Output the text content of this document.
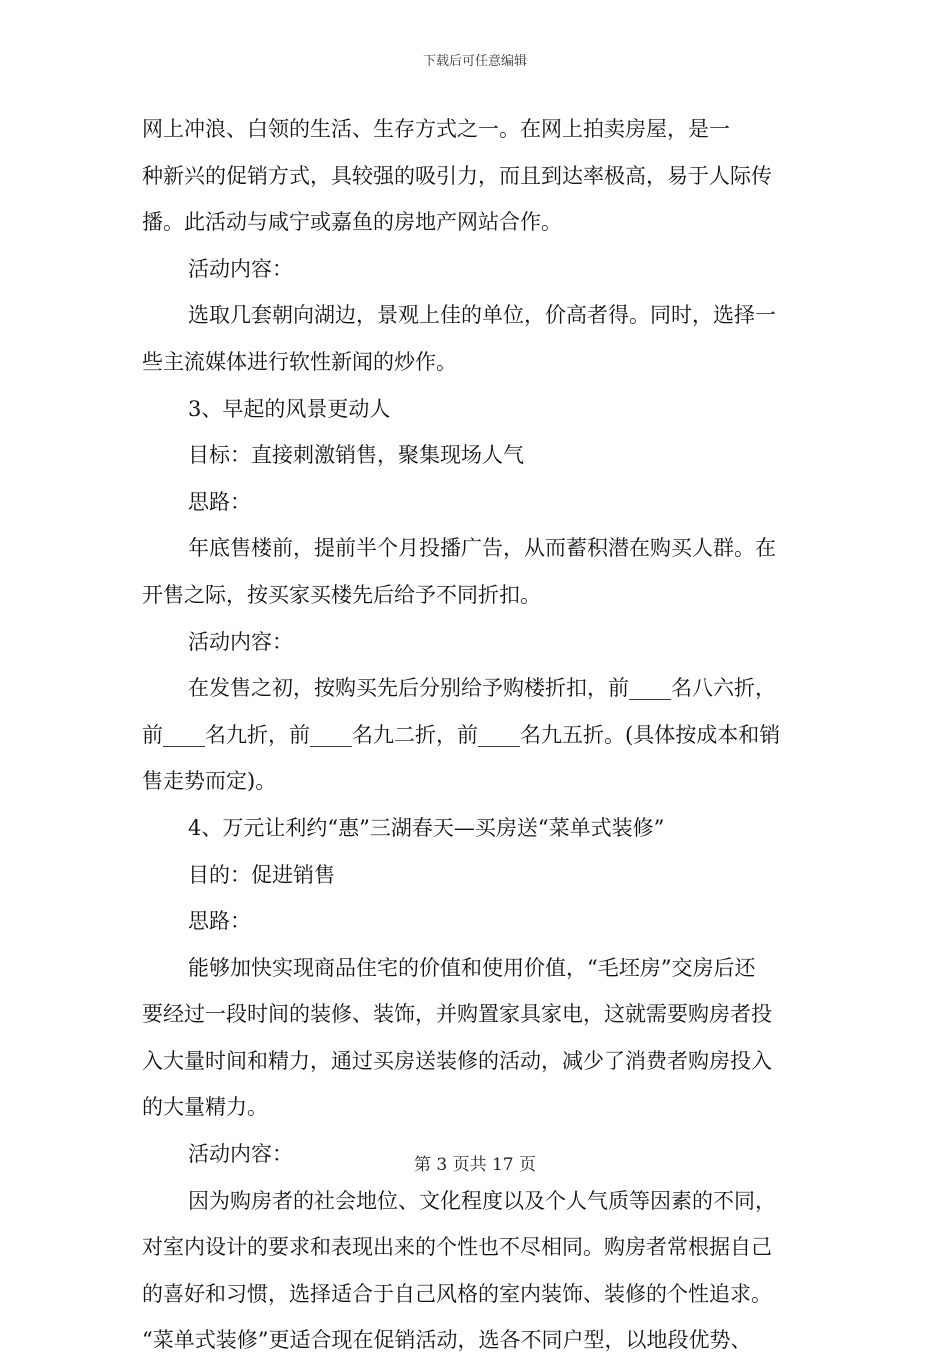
下载后可任意编辑
网上冲浪、白领的生活、生存方式之一。在网上拍卖房屋，是一
种新兴的促销方式，具较强的吸引力，而且到达率极高，易于人际传
播。此活动与咸宁或嘉鱼的房地产网站合作。
活动内容：
选取几套朝向湖边，景观上佳的单位，价高者得。同时，选择一
些主流媒体进行软性新闻的炒作。
3、早起的风景更动人
目标：直接刺激销售，聚集现场人气
思路：
年底售楼前，提前半个月投播广告，从而蓄积潜在购买人群。在
开售之际，按买家买楼先后给予不同折扣。
活动内容：
在发售之初，按购买先后分别给予购楼折扣，前____名八六折，
前____名九折，前____名九二折，前____名九五折。(具体按成本和销
售走势而定)。
4、万元让利约“惠”三湖春天—买房送“菜单式装修”
目的：促进销售
思路：
能够加快实现商品住宅的价值和使用价值，“毛坯房”交房后还
要经过一段时间的装修、装饰，并购置家具家电，这就需要购房者投
入大量时间和精力，通过买房送装修的活动，减少了消费者购房投入
的大量精力。
活动内容：
因为购房者的社会地位、文化程度以及个人气质等因素的不同，
对室内设计的要求和表现出来的个性也不尽相同。购房者常根据自己
的喜好和习惯，选择适合于自己风格的室内装饰、装修的个性追求。
“菜单式装修”更适合现在促销活动，选各不同户型，以地段优势、
第 3 页共 17 页
